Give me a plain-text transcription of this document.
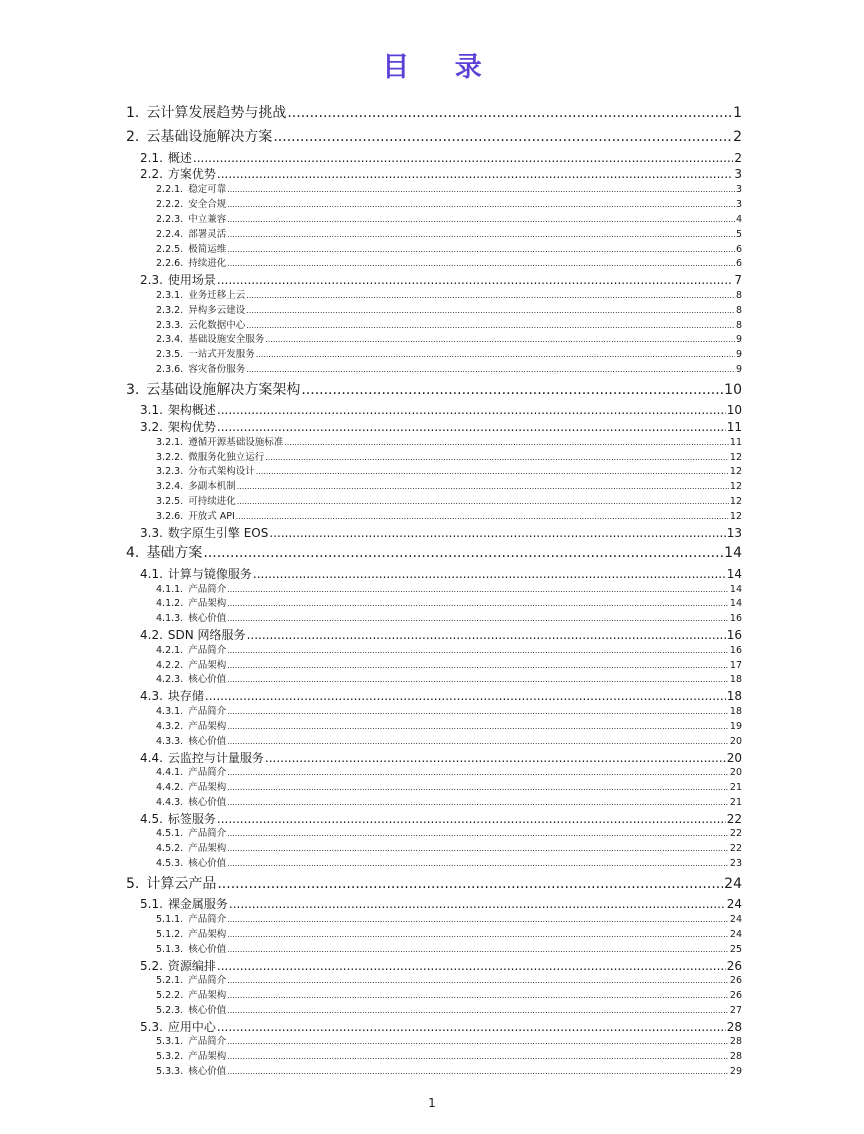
目 录
1. 云计算发展趋势与挑战 .....	1
2. 云基础设施解决方案 .....	2
2.1. 概述 .....	2
2.2. 方案优势 .....	3
2.2.1. 稳定可靠 .....	3
2.2.2. 安全合规 .....	3
2.2.3. 中立兼容 .....	4
2.2.4. 部署灵活 .....	5
2.2.5. 极简运维 .....	6
2.2.6. 持续进化 .....	6
2.3. 使用场景 .....	7
2.3.1. 业务迁移上云 .....	8
2.3.2. 异构多云建设 .....	8
2.3.3. 云化数据中心 .....	8
2.3.4. 基础设施安全服务 .....	9
2.3.5. 一站式开发服务 .....	9
2.3.6. 容灾备份服务 .....	9
3. 云基础设施解决方案架构 .....	10
3.1. 架构概述 .....	10
3.2. 架构优势 .....	11
3.2.1. 遵循开源基础设施标准 .....	11
3.2.2. 微服务化独立运行 .....	12
3.2.3. 分布式架构设计 .....	12
3.2.4. 多副本机制 .....	12
3.2.5. 可持续进化 .....	12
3.2.6. 开放式 API .....	12
3.3. 数字原生引擎 EOS .....	13
4. 基础方案 .....	14
4.1. 计算与镜像服务 .....	14
4.1.1. 产品简介 .....	14
4.1.2. 产品架构 .....	14
4.1.3. 核心价值 .....	16
4.2. SDN 网络服务 .....	16
4.2.1. 产品简介 .....	16
4.2.2. 产品架构 .....	17
4.2.3. 核心价值 .....	18
4.3. 块存储 .....	18
4.3.1. 产品简介 .....	18
4.3.2. 产品架构 .....	19
4.3.3. 核心价值 .....	20
4.4. 云监控与计量服务 .....	20
4.4.1. 产品简介 .....	20
4.4.2. 产品架构 .....	21
4.4.3. 核心价值 .....	21
4.5. 标签服务 .....	22
4.5.1. 产品简介 .....	22
4.5.2. 产品架构 .....	22
4.5.3. 核心价值 .....	23
5. 计算云产品 .....	24
5.1. 裸金属服务 .....	24
5.1.1. 产品简介 .....	24
5.1.2. 产品架构 .....	24
5.1.3. 核心价值 .....	25
5.2. 资源编排 .....	26
5.2.1. 产品简介 .....	26
5.2.2. 产品架构 .....	26
5.2.3. 核心价值 .....	27
5.3. 应用中心 .....	28
5.3.1. 产品简介 .....	28
5.3.2. 产品架构 .....	28
5.3.3. 核心价值 .....	29
1
